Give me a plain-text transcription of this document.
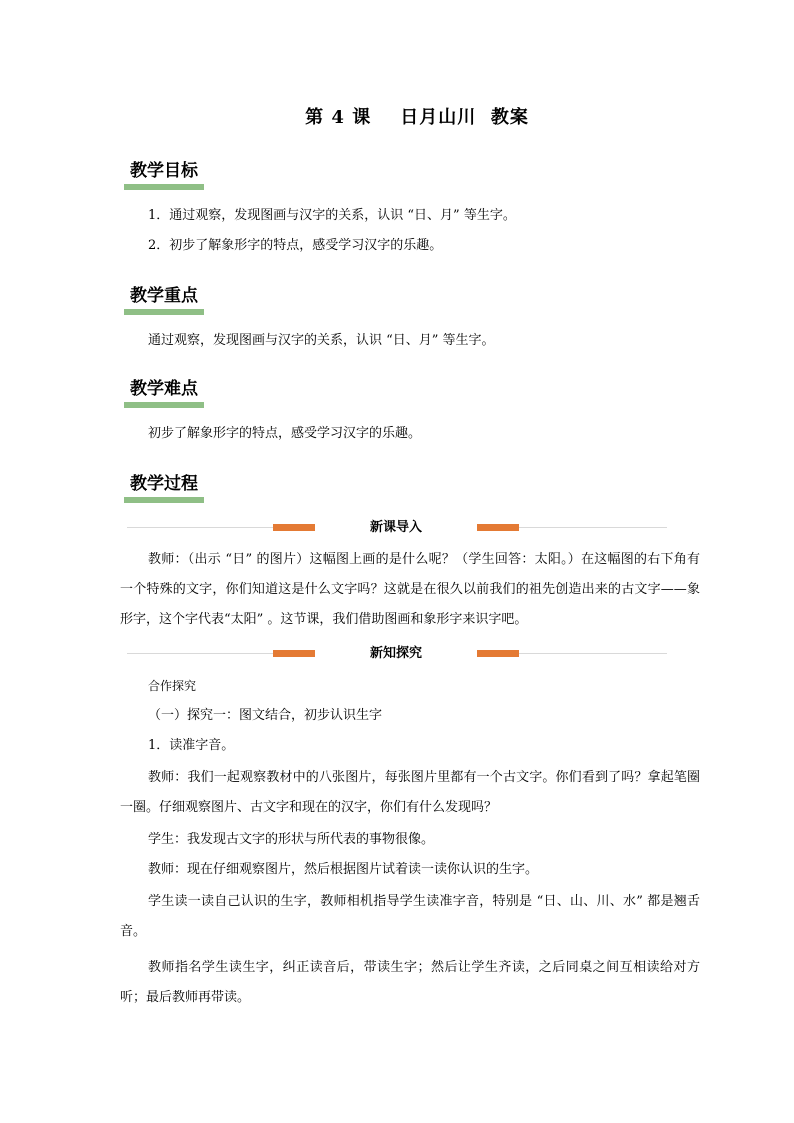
第 4 课    日月山川  教案
教学目标

1．通过观察，发现图画与汉字的关系，认识 “日、月” 等生字。

2．初步了解象形字的特点，感受学习汉字的乐趣。

教学重点

通过观察，发现图画与汉字的关系，认识 “日、月” 等生字。

教学难点

初步了解象形字的特点，感受学习汉字的乐趣。

教学过程
新课导入

教师：（出示 “日” 的图片）这幅图上画的是什么呢？（学生回答：太阳。）在这幅图的右下角有一个特殊的文字，你们知道这是什么文字吗？这就是在很久以前我们的祖先创造出来的古文字——象形字，这个字代表“太阳” 。这节课，我们借助图画和象形字来识字吧。

新知探究

合作探究

（一）探究一：图文结合，初步认识生字

1．读准字音。

教师：我们一起观察教材中的八张图片，每张图片里都有一个古文字。你们看到了吗？拿起笔圈一圈。仔细观察图片、古文字和现在的汉字，你们有什么发现吗？

学生：我发现古文字的形状与所代表的事物很像。

教师：现在仔细观察图片，然后根据图片试着读一读你认识的生字。

学生读一读自己认识的生字，教师相机指导学生读准字音，特别是 “日、山、川、水” 都是翘舌音。

教师指名学生读生字，纠正读音后，带读生字；然后让学生齐读，之后同桌之间互相读给对方听；最后教师再带读。
